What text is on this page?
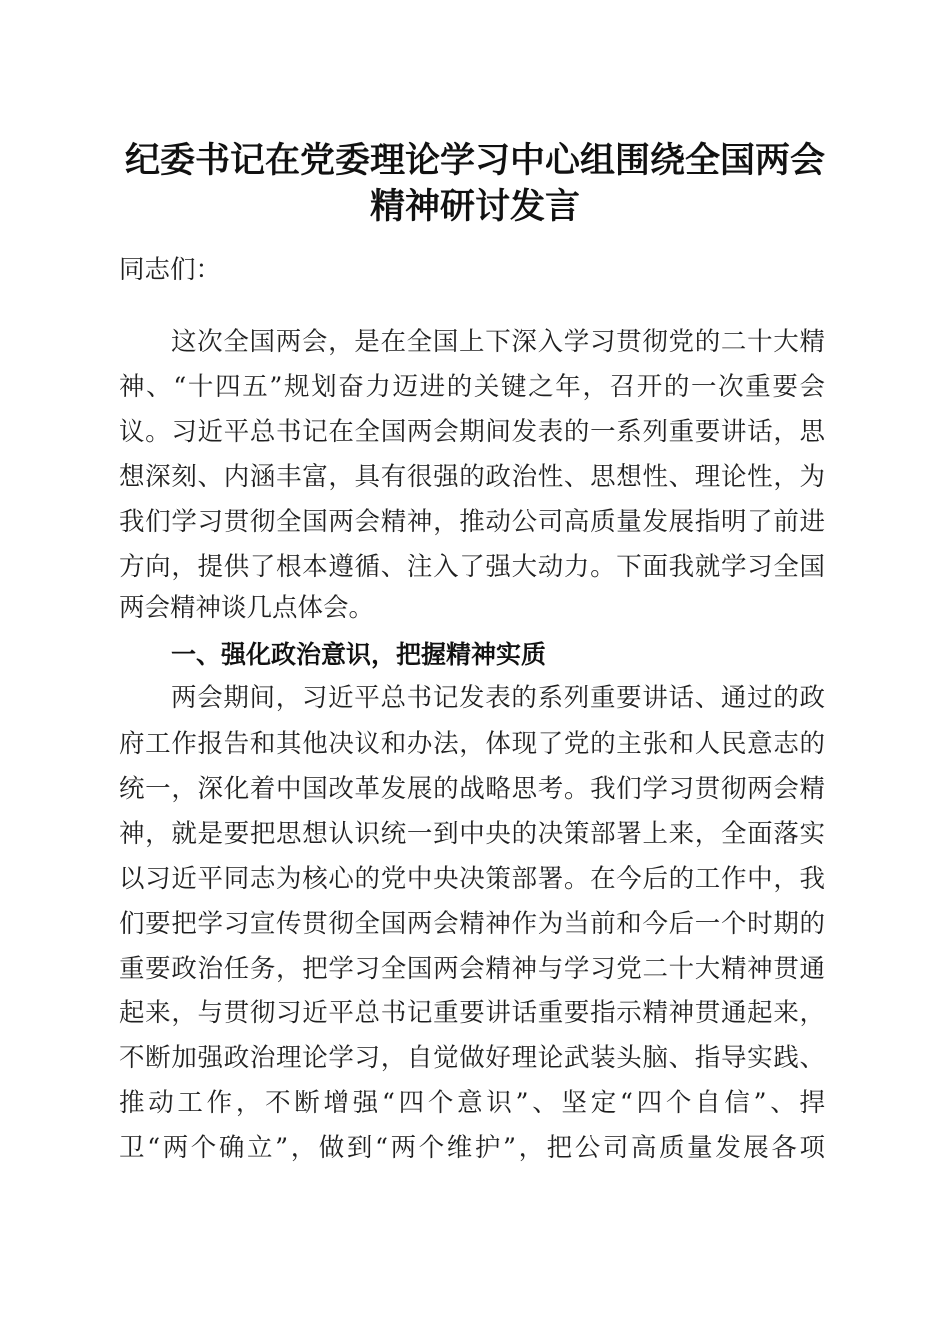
纪委书记在党委理论学习中心组围绕全国两会
精神研讨发言
同志们：
这次全国两会，是在全国上下深入学习贯彻党的二十大精
神、“十四五”规划奋力迈进的关键之年，召开的一次重要会
议。习近平总书记在全国两会期间发表的一系列重要讲话，思
想深刻、内涵丰富，具有很强的政治性、思想性、理论性，为
我们学习贯彻全国两会精神，推动公司高质量发展指明了前进
方向，提供了根本遵循、注入了强大动力。下面我就学习全国
两会精神谈几点体会。
一、强化政治意识，把握精神实质
两会期间，习近平总书记发表的系列重要讲话、通过的政
府工作报告和其他决议和办法，体现了党的主张和人民意志的
统一，深化着中国改革发展的战略思考。我们学习贯彻两会精
神，就是要把思想认识统一到中央的决策部署上来，全面落实
以习近平同志为核心的党中央决策部署。在今后的工作中，我
们要把学习宣传贯彻全国两会精神作为当前和今后一个时期的
重要政治任务，把学习全国两会精神与学习党二十大精神贯通
起来，与贯彻习近平总书记重要讲话重要指示精神贯通起来，
不断加强政治理论学习，自觉做好理论武装头脑、指导实践、
推动工作，不断增强“四个意识”、坚定“四个自信”、捍
卫“两个确立”，做到“两个维护”，把公司高质量发展各项
